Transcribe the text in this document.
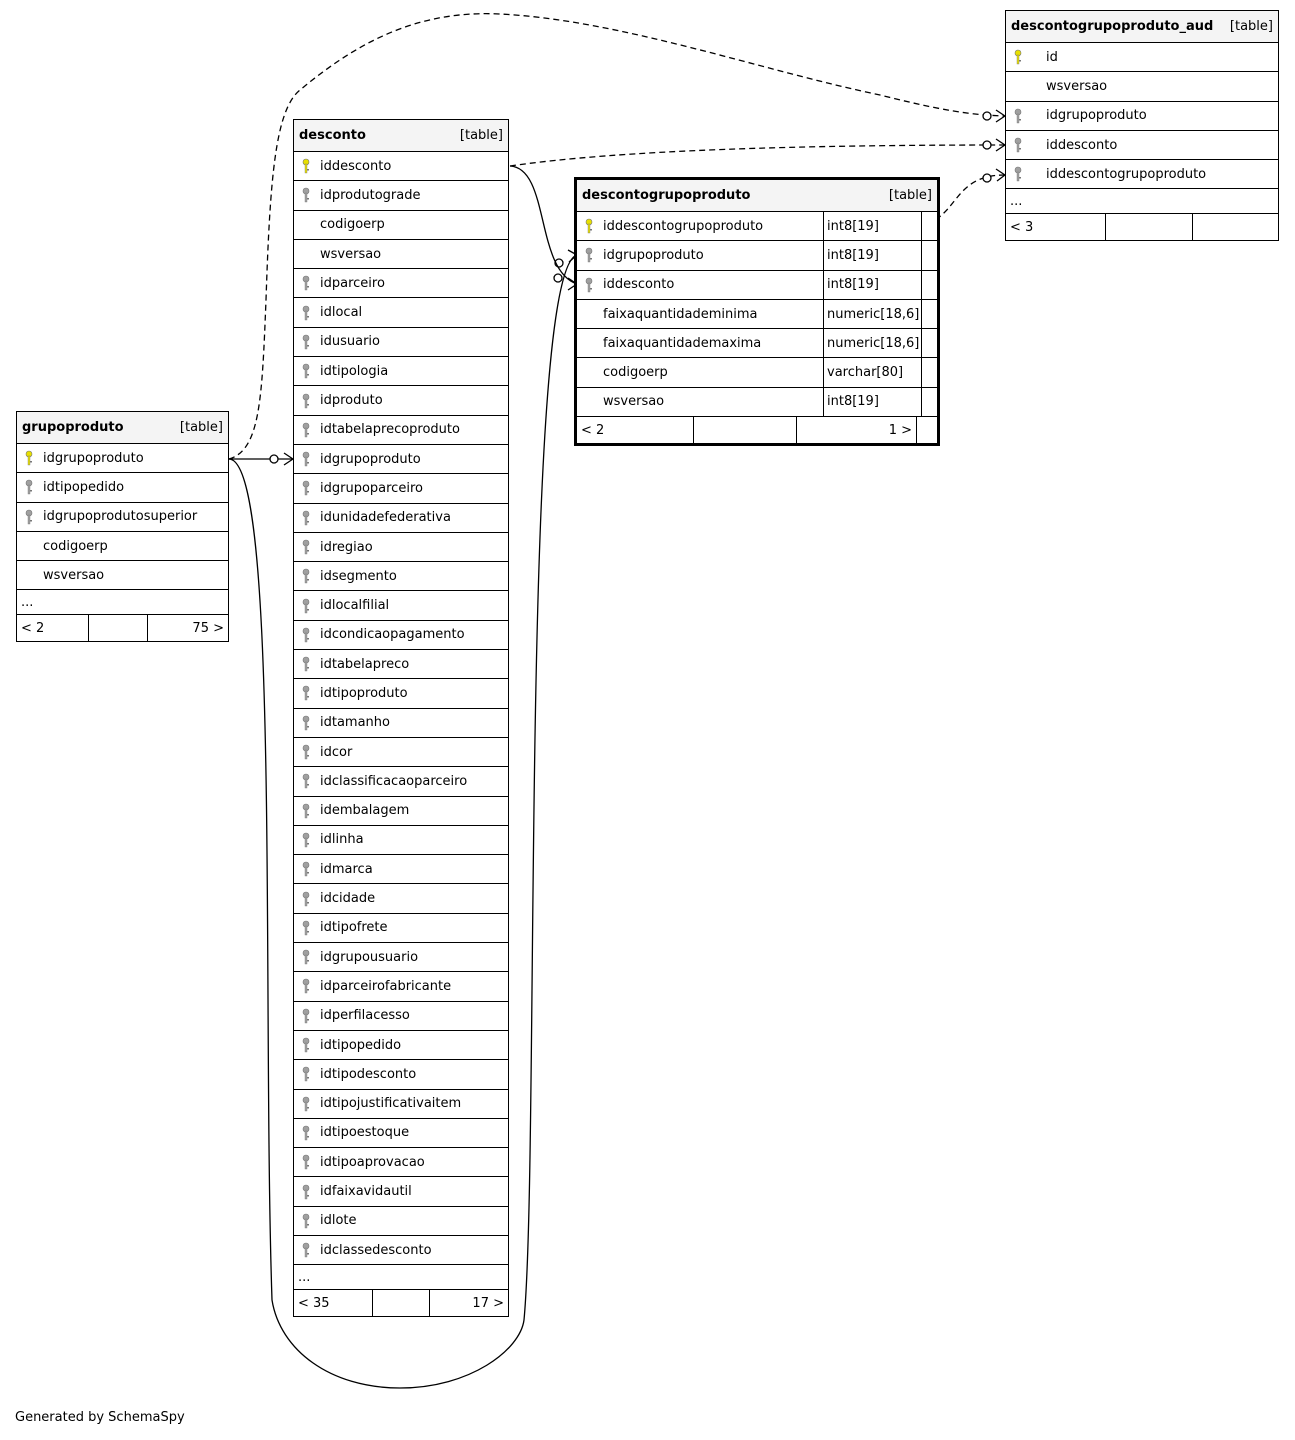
grupoproduto	[table]
idgrupoproduto
idtipopedido
idgrupoprodutosuperior
codigoerp
wsversao
...
< 2	75 >
desconto	[table]
iddesconto
idprodutograde
codigoerp
wsversao
idparceiro
idlocal
idusuario
idtipologia
idproduto
idtabelaprecoproduto
idgrupoproduto
idgrupoparceiro
idunidadefederativa
idregiao
idsegmento
idlocalfilial
idcondicaopagamento
idtabelapreco
idtipoproduto
idtamanho
idcor
idclassificacaoparceiro
idembalagem
idlinha
idmarca
idcidade
idtipofrete
idgrupousuario
idparceirofabricante
idperfilacesso
idtipopedido
idtipodesconto
idtipojustificativaitem
idtipoestoque
idtipoaprovacao
idfaixavidautil
idlote
idclassedesconto
...
< 35	17 >
descontogrupoproduto	[table]
iddescontogrupoproduto	int8[19]
idgrupoproduto	int8[19]
iddesconto	int8[19]
faixaquantidademinima	numeric[18,6]
faixaquantidademaxima	numeric[18,6]
codigoerp	varchar[80]
wsversao	int8[19]
< 2	1 >
descontogrupoproduto_aud [table]
id
wsversao
idgrupoproduto
iddesconto
iddescontogrupoproduto
...
< 3
Generated by SchemaSpy
